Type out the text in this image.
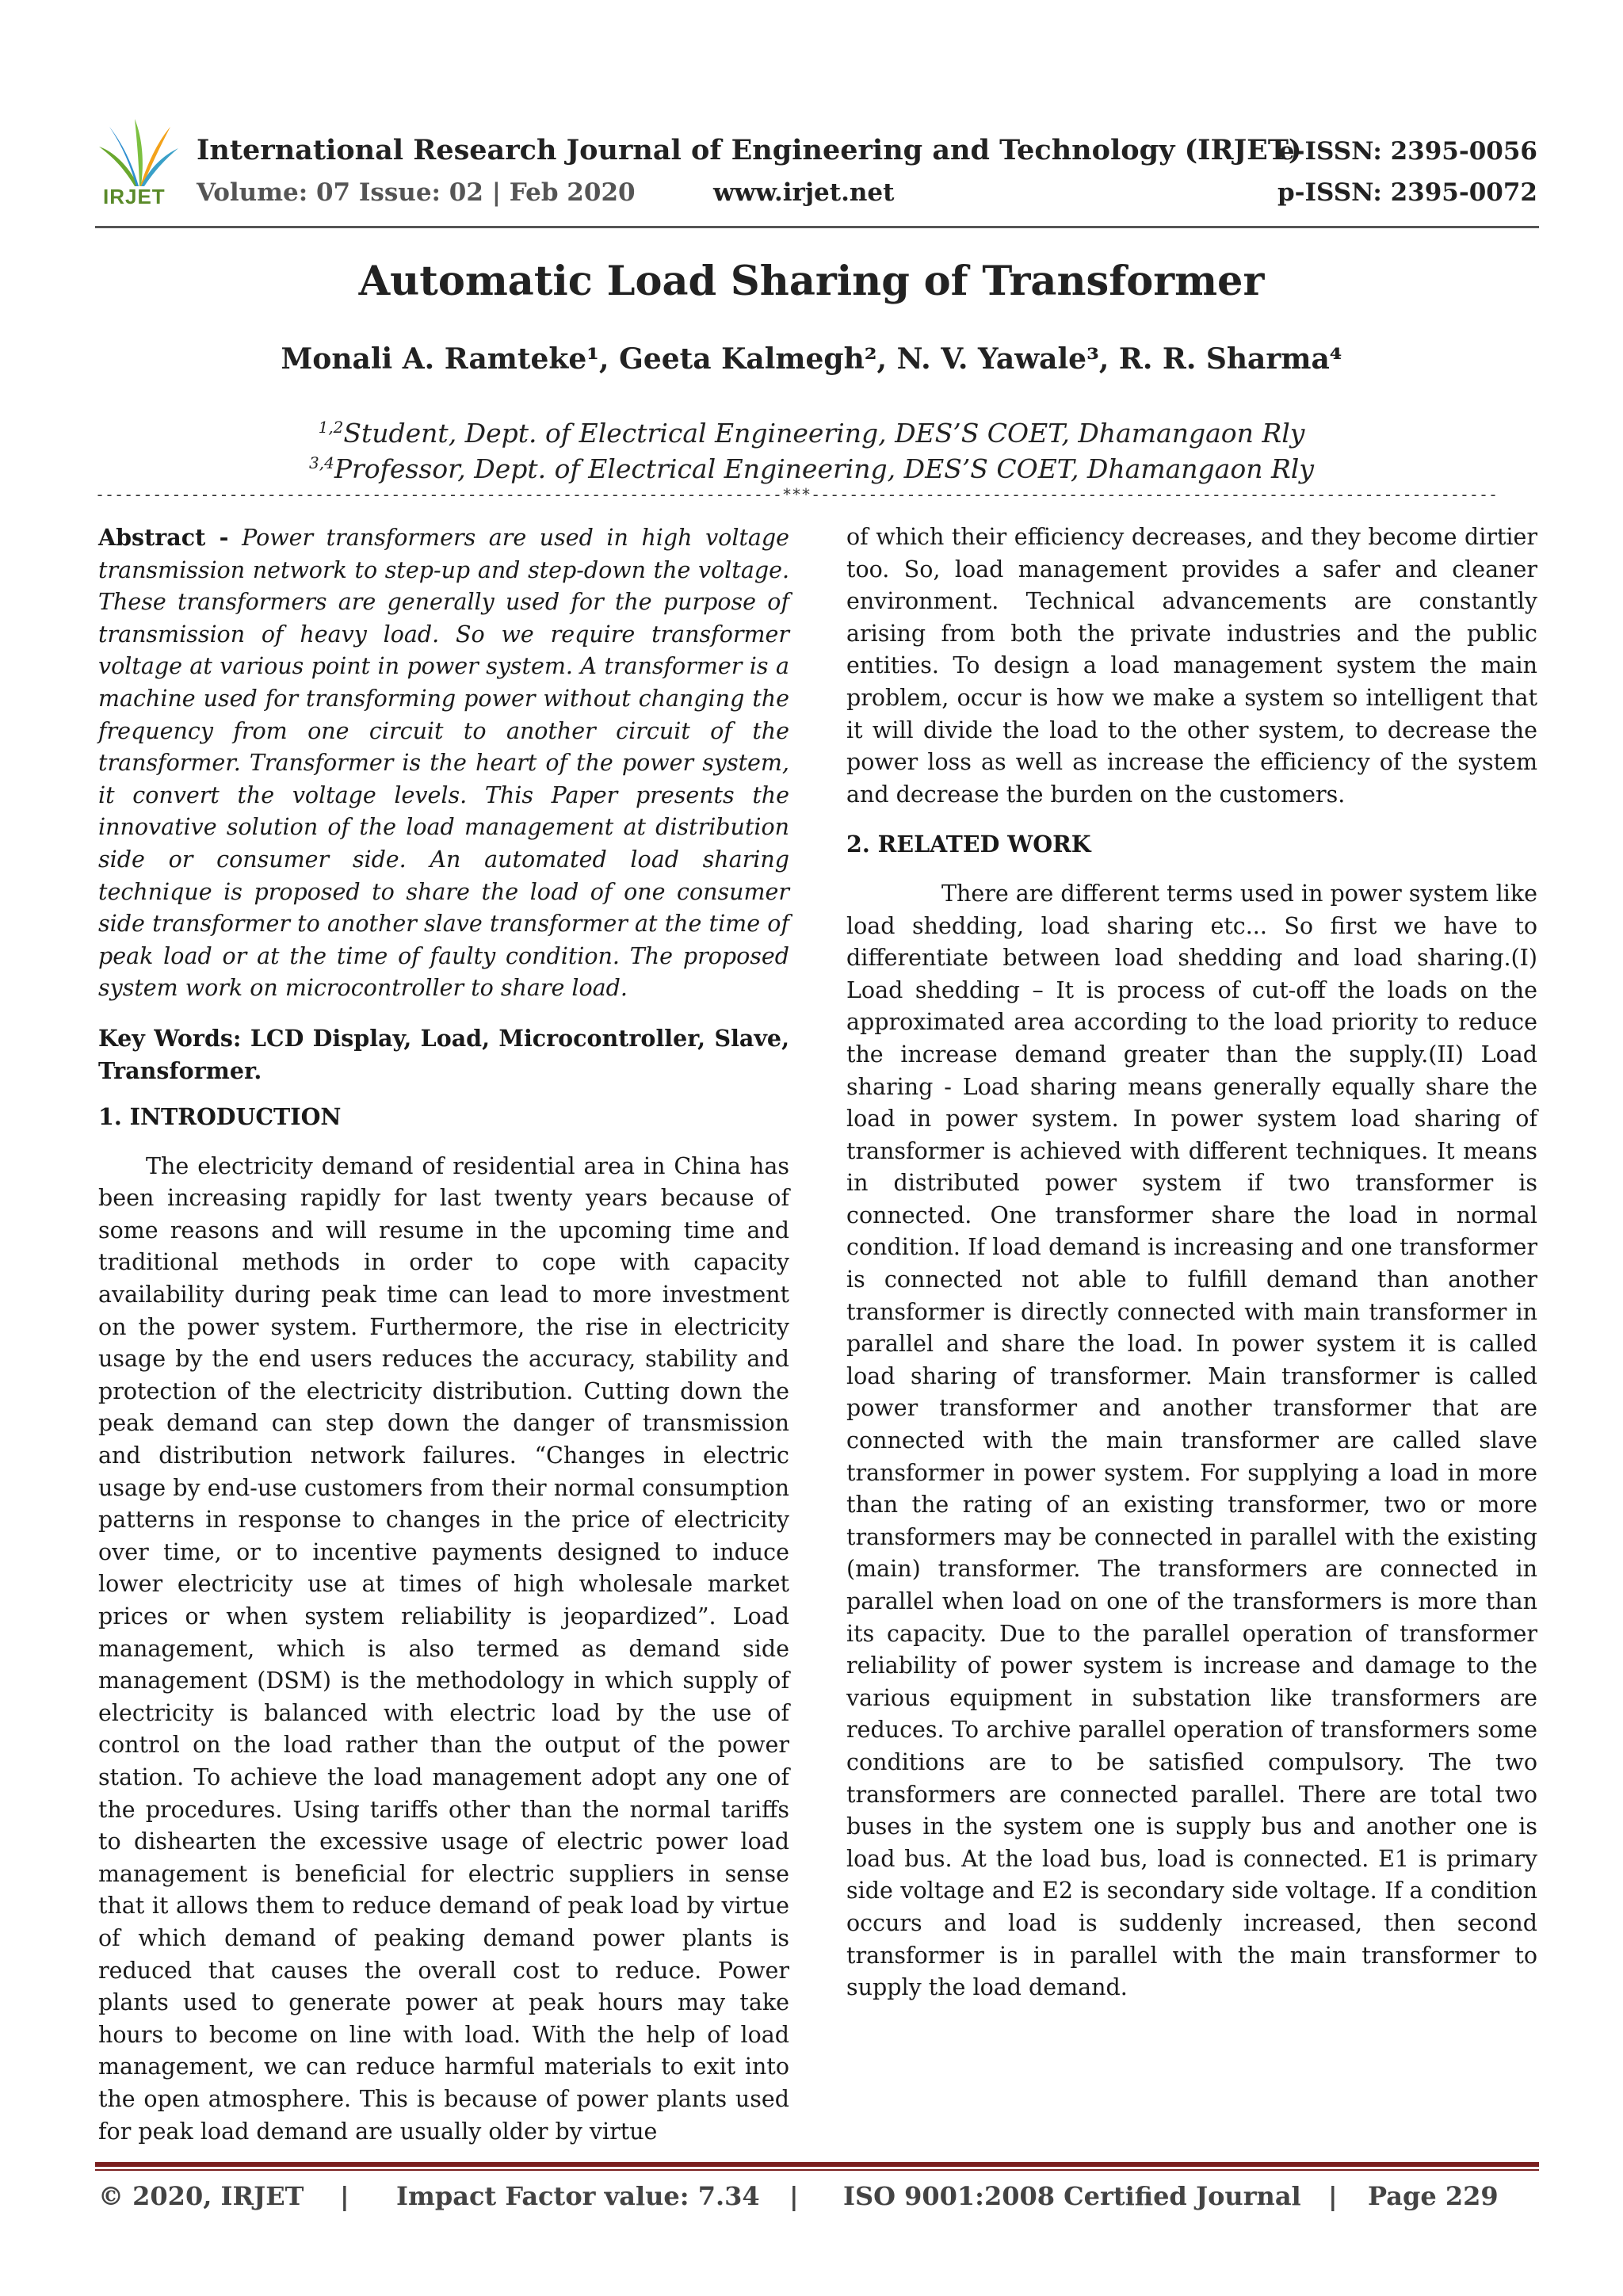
IRJET
International Research Journal of Engineering and Technology (IRJET)
Volume: 07 Issue: 02 | Feb 2020	www.irjet.net
e-ISSN: 2395-0056
p-ISSN: 2395-0072
Automatic Load Sharing of Transformer
Monali A. Ramteke¹, Geeta Kalmegh², N. V. Yawale³, R. R. Sharma⁴
$^{1,2}$Student, Dept. of Electrical Engineering, DES’S COET, Dhamangaon Rly
$^{3,4}$Professor, Dept. of Electrical Engineering, DES’S COET, Dhamangaon Rly
------------------------------------------------------------------------***------------------------------------------------------------------------

Abstract - Power transformers are used in high voltage transmission network to step-up and step-down the voltage. These transformers are generally used for the purpose of transmission of heavy load. So we require transformer voltage at various point in power system. A transformer is a machine used for transforming power without changing the frequency from one circuit to another circuit of the transformer. Transformer is the heart of the power system, it convert the voltage levels. This Paper presents the innovative solution of the load management at distribution side or consumer side. An automated load sharing technique is proposed to share the load of one consumer side transformer to another slave transformer at the time of peak load or at the time of faulty condition. The proposed system work on microcontroller to share load.

Key Words: LCD Display, Load, Microcontroller, Slave, Transformer.

1. INTRODUCTION

The electricity demand of residential area in China has been increasing rapidly for last twenty years because of some reasons and will resume in the upcoming time and traditional methods in order to cope with capacity availability during peak time can lead to more investment on the power system. Furthermore, the rise in electricity usage by the end users reduces the accuracy, stability and protection of the electricity distribution. Cutting down the peak demand can step down the danger of transmission and distribution network failures. “Changes in electric usage by end-use customers from their normal consumption patterns in response to changes in the price of electricity over time, or to incentive payments designed to induce lower electricity use at times of high wholesale market prices or when system reliability is jeopardized”. Load management, which is also termed as demand side management (DSM) is the methodology in which supply of electricity is balanced with electric load by the use of control on the load rather than the output of the power station. To achieve the load management adopt any one of the procedures. Using tariffs other than the normal tariffs to dishearten the excessive usage of electric power load management is beneficial for electric suppliers in sense that it allows them to reduce demand of peak load by virtue of which demand of peaking demand power plants is reduced that causes the overall cost to reduce. Power plants used to generate power at peak hours may take hours to become on line with load. With the help of load management, we can reduce harmful materials to exit into the open atmosphere. This is because of power plants used for peak load demand are usually older by virtue

of which their efficiency decreases, and they become dirtier too. So, load management provides a safer and cleaner environment. Technical advancements are constantly arising from both the private industries and the public entities. To design a load management system the main problem, occur is how we make a system so intelligent that it will divide the load to the other system, to decrease the power loss as well as increase the efficiency of the system and decrease the burden on the customers.

2. RELATED WORK

There are different terms used in power system like load shedding, load sharing etc... So first we have to differentiate between load shedding and load sharing.(I) Load shedding – It is process of cut-off the loads on the approximated area according to the load priority to reduce the increase demand greater than the supply.(II) Load sharing - Load sharing means generally equally share the load in power system. In power system load sharing of transformer is achieved with different techniques. It means in distributed power system if two transformer is connected. One transformer share the load in normal condition. If load demand is increasing and one transformer is connected not able to fulfill demand than another transformer is directly connected with main transformer in parallel and share the load. In power system it is called load sharing of transformer. Main transformer is called power transformer and another transformer that are connected with the main transformer are called slave transformer in power system. For supplying a load in more than the rating of an existing transformer, two or more transformers may be connected in parallel with the existing (main) transformer. The transformers are connected in parallel when load on one of the transformers is more than its capacity. Due to the parallel operation of transformer reliability of power system is increase and damage to the various equipment in substation like transformers are reduces. To archive parallel operation of transformers some conditions are to be satisfied compulsory. The two transformers are connected parallel. There are total two buses in the system one is supply bus and another one is load bus. At the load bus, load is connected. E1 is primary side voltage and E2 is secondary side voltage. If a condition occurs and load is suddenly increased, then second transformer is in parallel with the main transformer to supply the load demand.

© 2020, IRJET | Impact Factor value: 7.34 | ISO 9001:2008 Certified Journal | Page 229
